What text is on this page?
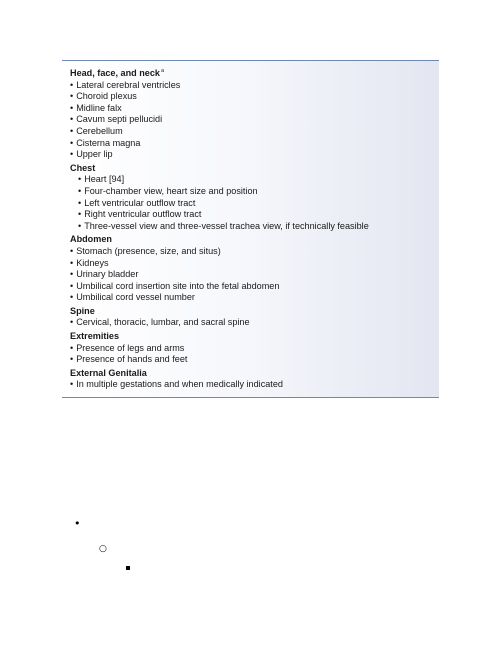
Head, face, and neck$^a$
• Lateral cerebral ventricles
• Choroid plexus
• Midline falx
• Cavum septi pellucidi
• Cerebellum
• Cisterna magna
• Upper lip
Chest
• Heart [94]
• Four-chamber view, heart size and position
• Left ventricular outflow tract
• Right ventricular outflow tract
• Three-vessel view and three-vessel trachea view, if technically feasible
Abdomen
• Stomach (presence, size, and situs)
• Kidneys
• Urinary bladder
• Umbilical cord insertion site into the fetal abdomen
• Umbilical cord vessel number
Spine
• Cervical, thoracic, lumbar, and sacral spine
Extremities
• Presence of legs and arms
• Presence of hands and feet
External Genitalia
• In multiple gestations and when medically indicated
•
○
